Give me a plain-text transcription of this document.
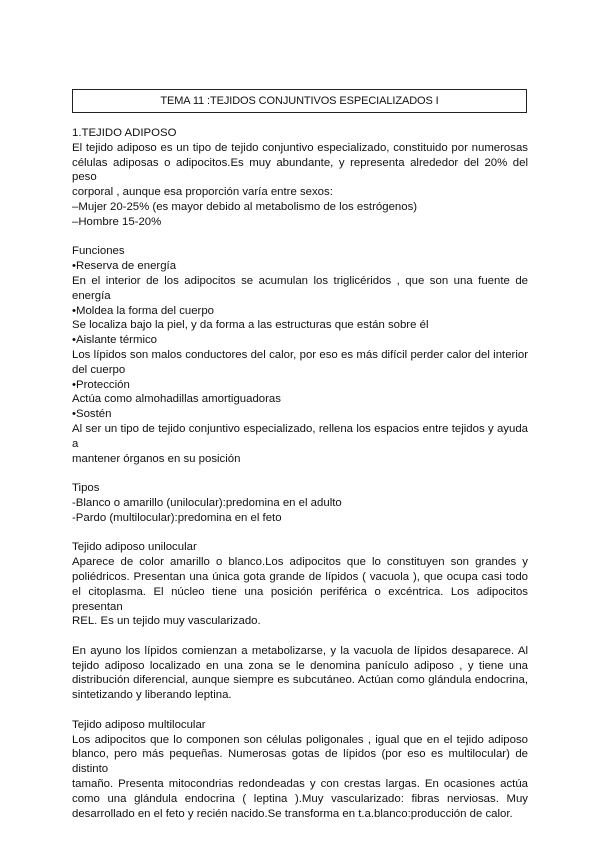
TEMA 11 :TEJIDOS CONJUNTIVOS ESPECIALIZADOS I

1.TEJIDO ADIPOSO

El tejido adiposo es un tipo de tejido conjuntivo especializado, constituido por numerosas

células adiposas o adipocitos.Es muy abundante, y representa alrededor del 20% del peso

corporal , aunque esa proporción varía entre sexos:

–Mujer 20-25% (es mayor debido al metabolismo de los estrógenos)

–Hombre 15-20%

Funciones

•Reserva de energía

En el interior de los adipocitos se acumulan los triglicéridos , que son una fuente de energía

•Moldea la forma del cuerpo

Se localiza bajo la piel, y da forma a las estructuras que están sobre él

•Aislante térmico

Los lípidos son malos conductores del calor, por eso es más difícil perder calor del interior

del cuerpo

•Protección

Actúa como almohadillas amortiguadoras

•Sostén

Al ser un tipo de tejido conjuntivo especializado, rellena los espacios entre tejidos y ayuda a

mantener órganos en su posición

Tipos

-Blanco o amarillo (unilocular):predomina en el adulto

-Pardo (multilocular):predomina en el feto

Tejido adiposo unilocular

Aparece de color amarillo o blanco.Los adipocitos que lo constituyen son grandes y

poliédricos. Presentan una única gota grande de lípidos ( vacuola ), que ocupa casi todo

el citoplasma. El núcleo tiene una posición periférica o excéntrica. Los adipocitos presentan

REL. Es un tejido muy vascularizado.

En ayuno los lípidos comienzan a metabolizarse, y la vacuola de lípidos desaparece. Al

tejido adiposo localizado en una zona se le denomina panículo adiposo , y tiene una

distribución diferencial, aunque siempre es subcutáneo. Actúan como glándula endocrina,

sintetizando y liberando leptina.

Tejido adiposo multilocular

Los adipocitos que lo componen son células poligonales , igual que en el tejido adiposo

blanco, pero más pequeñas. Numerosas gotas de lípidos (por eso es multilocular) de distinto

tamaño. Presenta mitocondrias redondeadas y con crestas largas. En ocasiones actúa

como una glándula endocrina ( leptina ).Muy vascularizado: fibras nerviosas. Muy

desarrollado en el feto y recién nacido.Se transforma en t.a.blanco:producción de calor.
